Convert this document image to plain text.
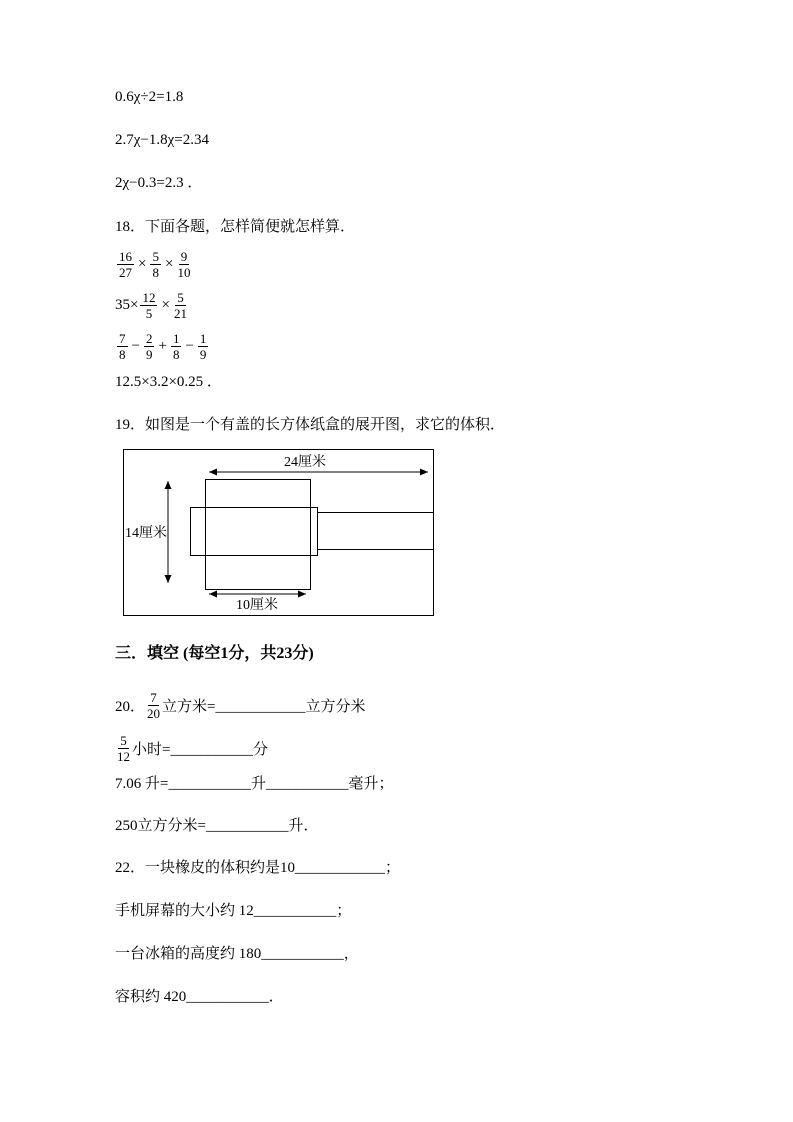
0.6χ÷2=1.8

2.7χ−1.8χ=2.34

2χ−0.3=2.3 ．

18．下面各题，怎样简便就怎样算．

$\frac{16}{27} \times \frac{5}{8} \times \frac{9}{10}$
$35\times \frac{12}{5} \times \frac{5}{21}$
$\frac{7}{8} - \frac{2}{9} + \frac{1}{8} - \frac{1}{9}$

12.5×3.2×0.25 ．

19．如图是一个有盖的长方体纸盒的展开图，求它的体积．

24厘米
14厘米
10厘米

三．填空 (每空1分，共23分)

20． $\frac{7}{20}$ 立方米=____________立方分米
$\frac{5}{12}$ 小时=___________分

7.06 升=___________升___________毫升；

250立方分米=___________升．

22．一块橡皮的体积约是10____________；

手机屏幕的大小约 12___________；

一台冰箱的高度约 180___________，

容积约 420___________．
